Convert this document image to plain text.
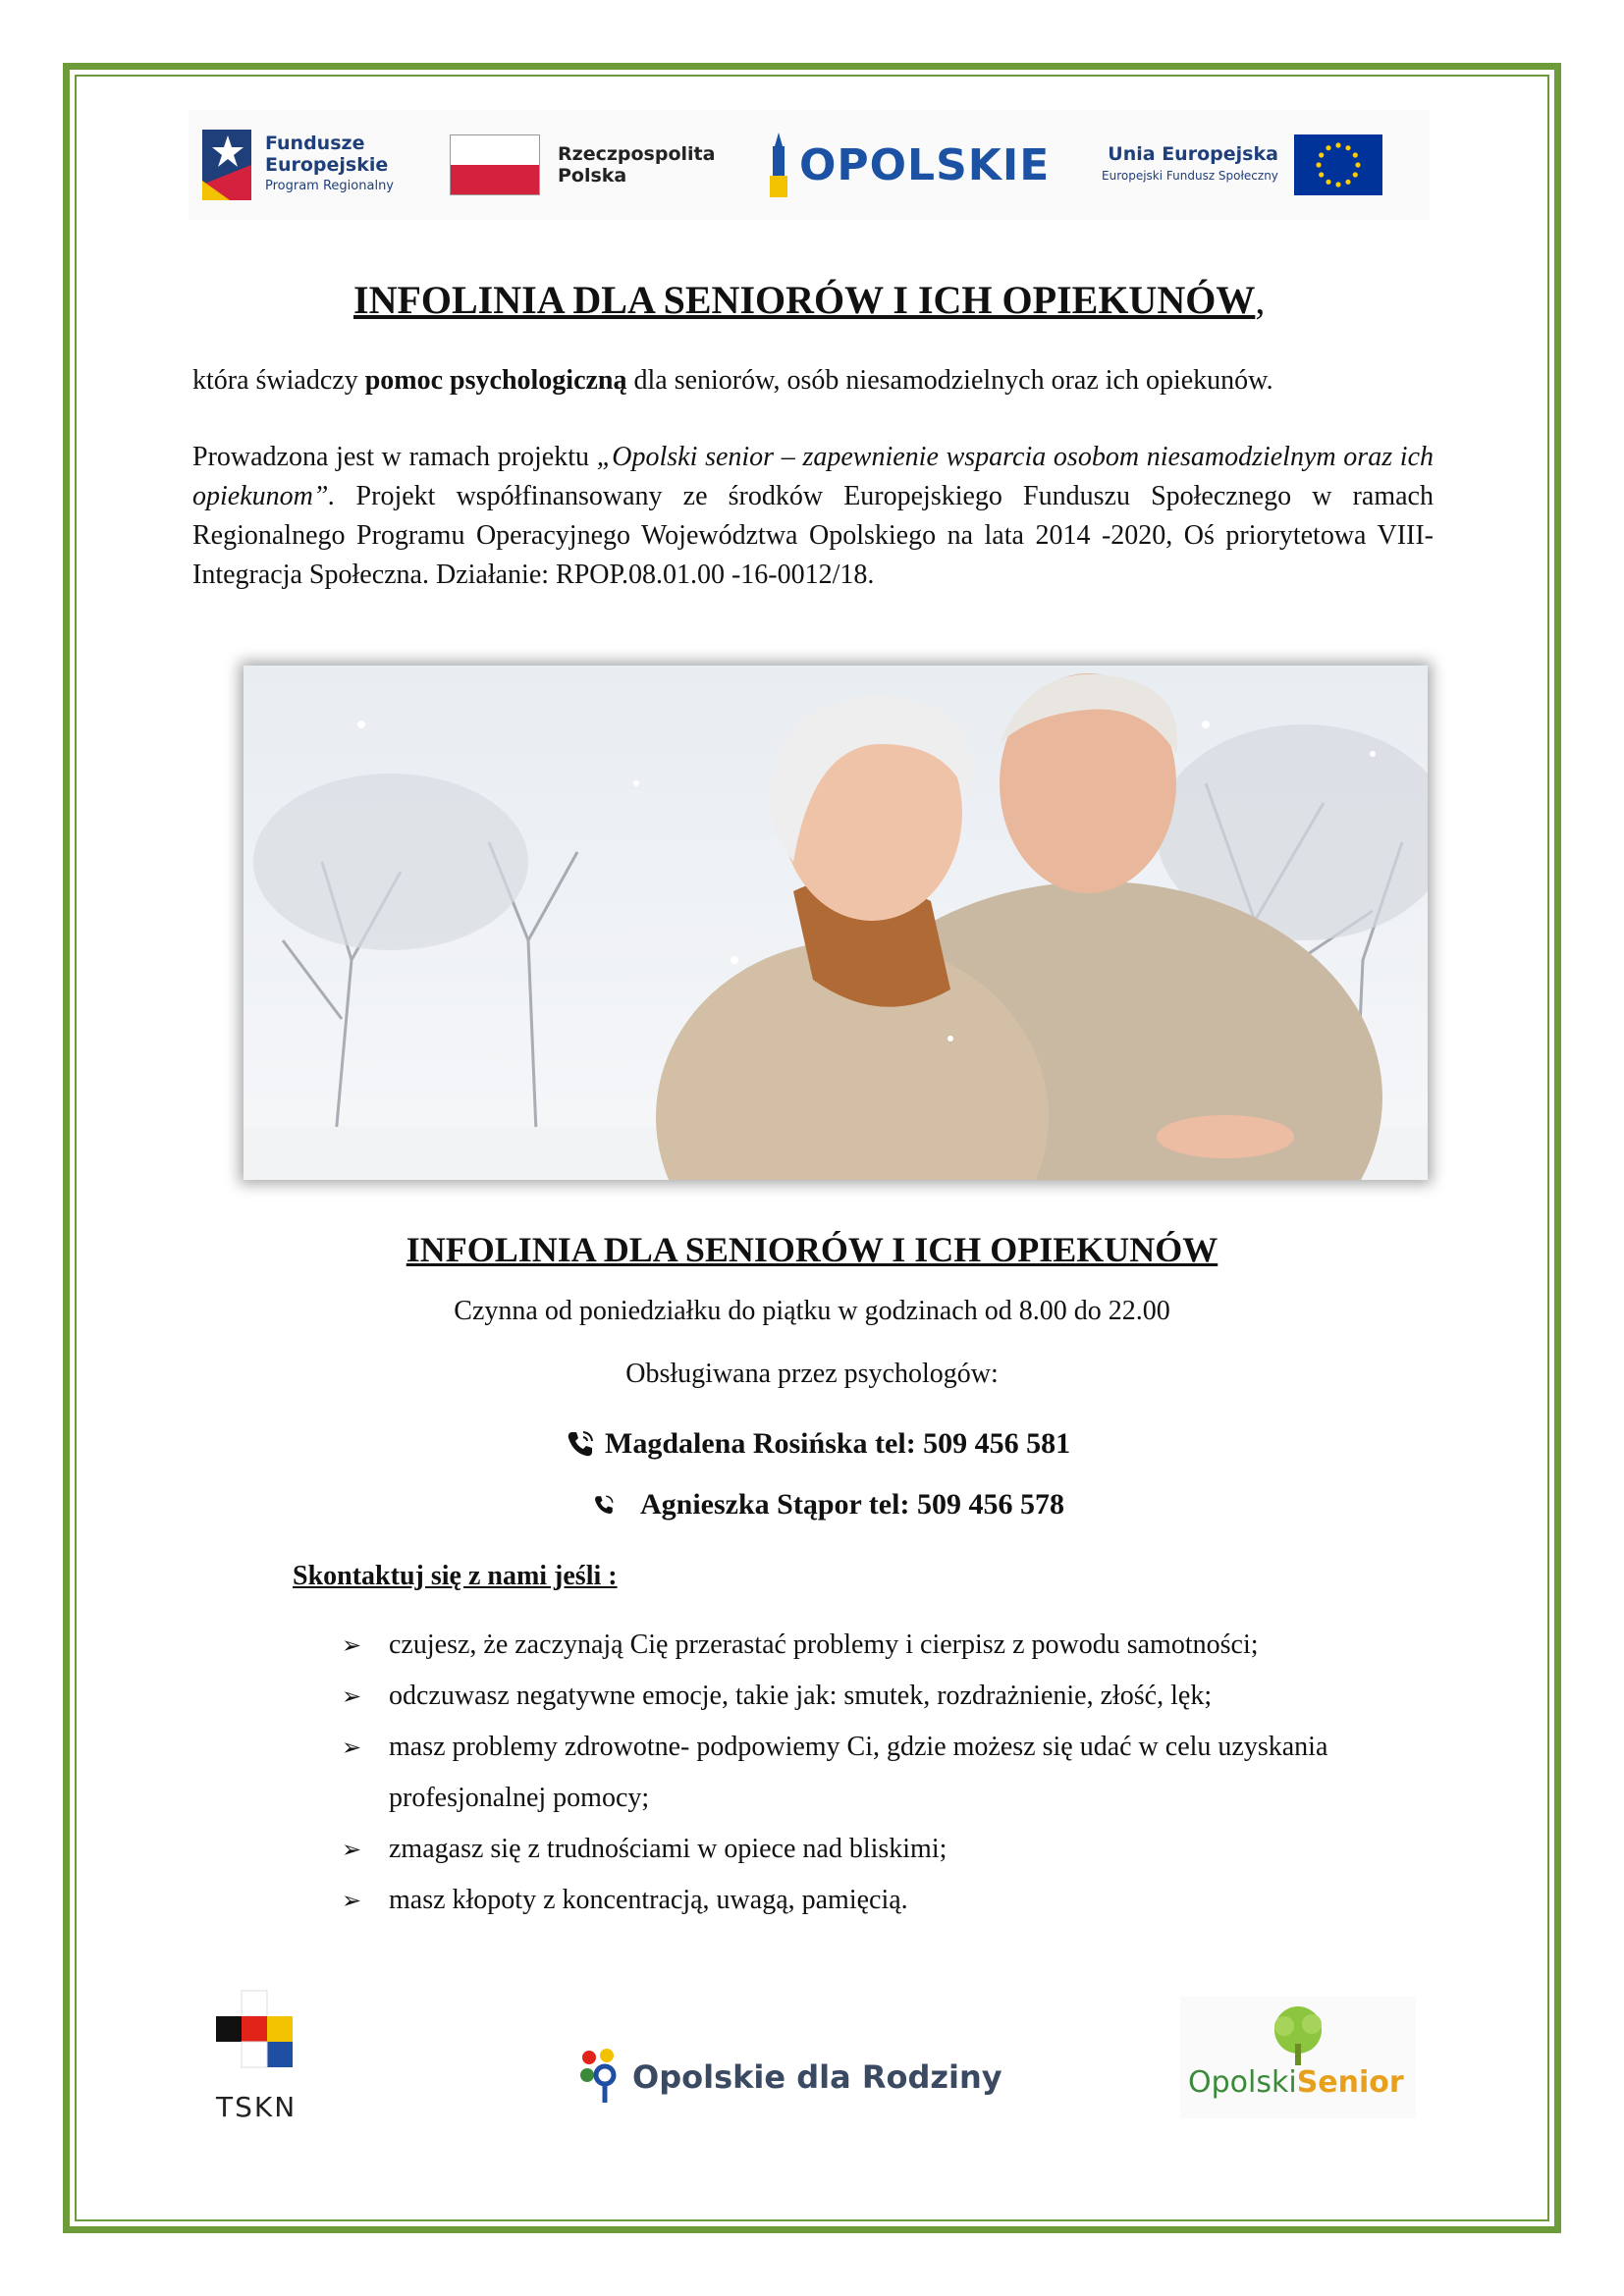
Fundusze
Europejskie
Program Regionalny
Rzeczpospolita
Polska	OPOLSKIE	Unia Europejska
Europejski Fundusz Społeczny
INFOLINIA DLA SENIORÓW I ICH OPIEKUNÓW,
która świadczy pomoc psychologiczną dla seniorów, osób niesamodzielnych oraz ich opiekunów.
Prowadzona jest w ramach projektu „Opolski senior – zapewnienie wsparcia osobom niesamodzielnym oraz ich opiekunom”. Projekt współfinansowany ze środków Europejskiego Funduszu Społecznego w ramach Regionalnego Programu Operacyjnego Województwa Opolskiego na lata 2014 -2020, Oś priorytetowa VIII- Integracja Społeczna. Działanie: RPOP.08.01.00 -16-0012/18.
INFOLINIA DLA SENIORÓW I ICH OPIEKUNÓW
Czynna od poniedziałku do piątku w godzinach od 8.00 do 22.00
Obsługiwana przez psychologów:
Magdalena Rosińska tel: 509 456 581
Agnieszka Stąpor tel: 509 456 578
Skontaktuj się z nami jeśli :
➢ czujesz, że zaczynają Cię przerastać problemy i cierpisz z powodu samotności;
➢ odczuwasz negatywne emocje, takie jak: smutek, rozdrażnienie, złość, lęk;
➢ masz problemy zdrowotne- podpowiemy Ci, gdzie możesz się udać w celu uzyskania profesjonalnej pomocy;
➢ zmagasz się z trudnościami w opiece nad bliskimi;
➢ masz kłopoty z koncentracją, uwagą, pamięcią.
TSKN
Opolskie dla Rodziny	OpolskiSenior
